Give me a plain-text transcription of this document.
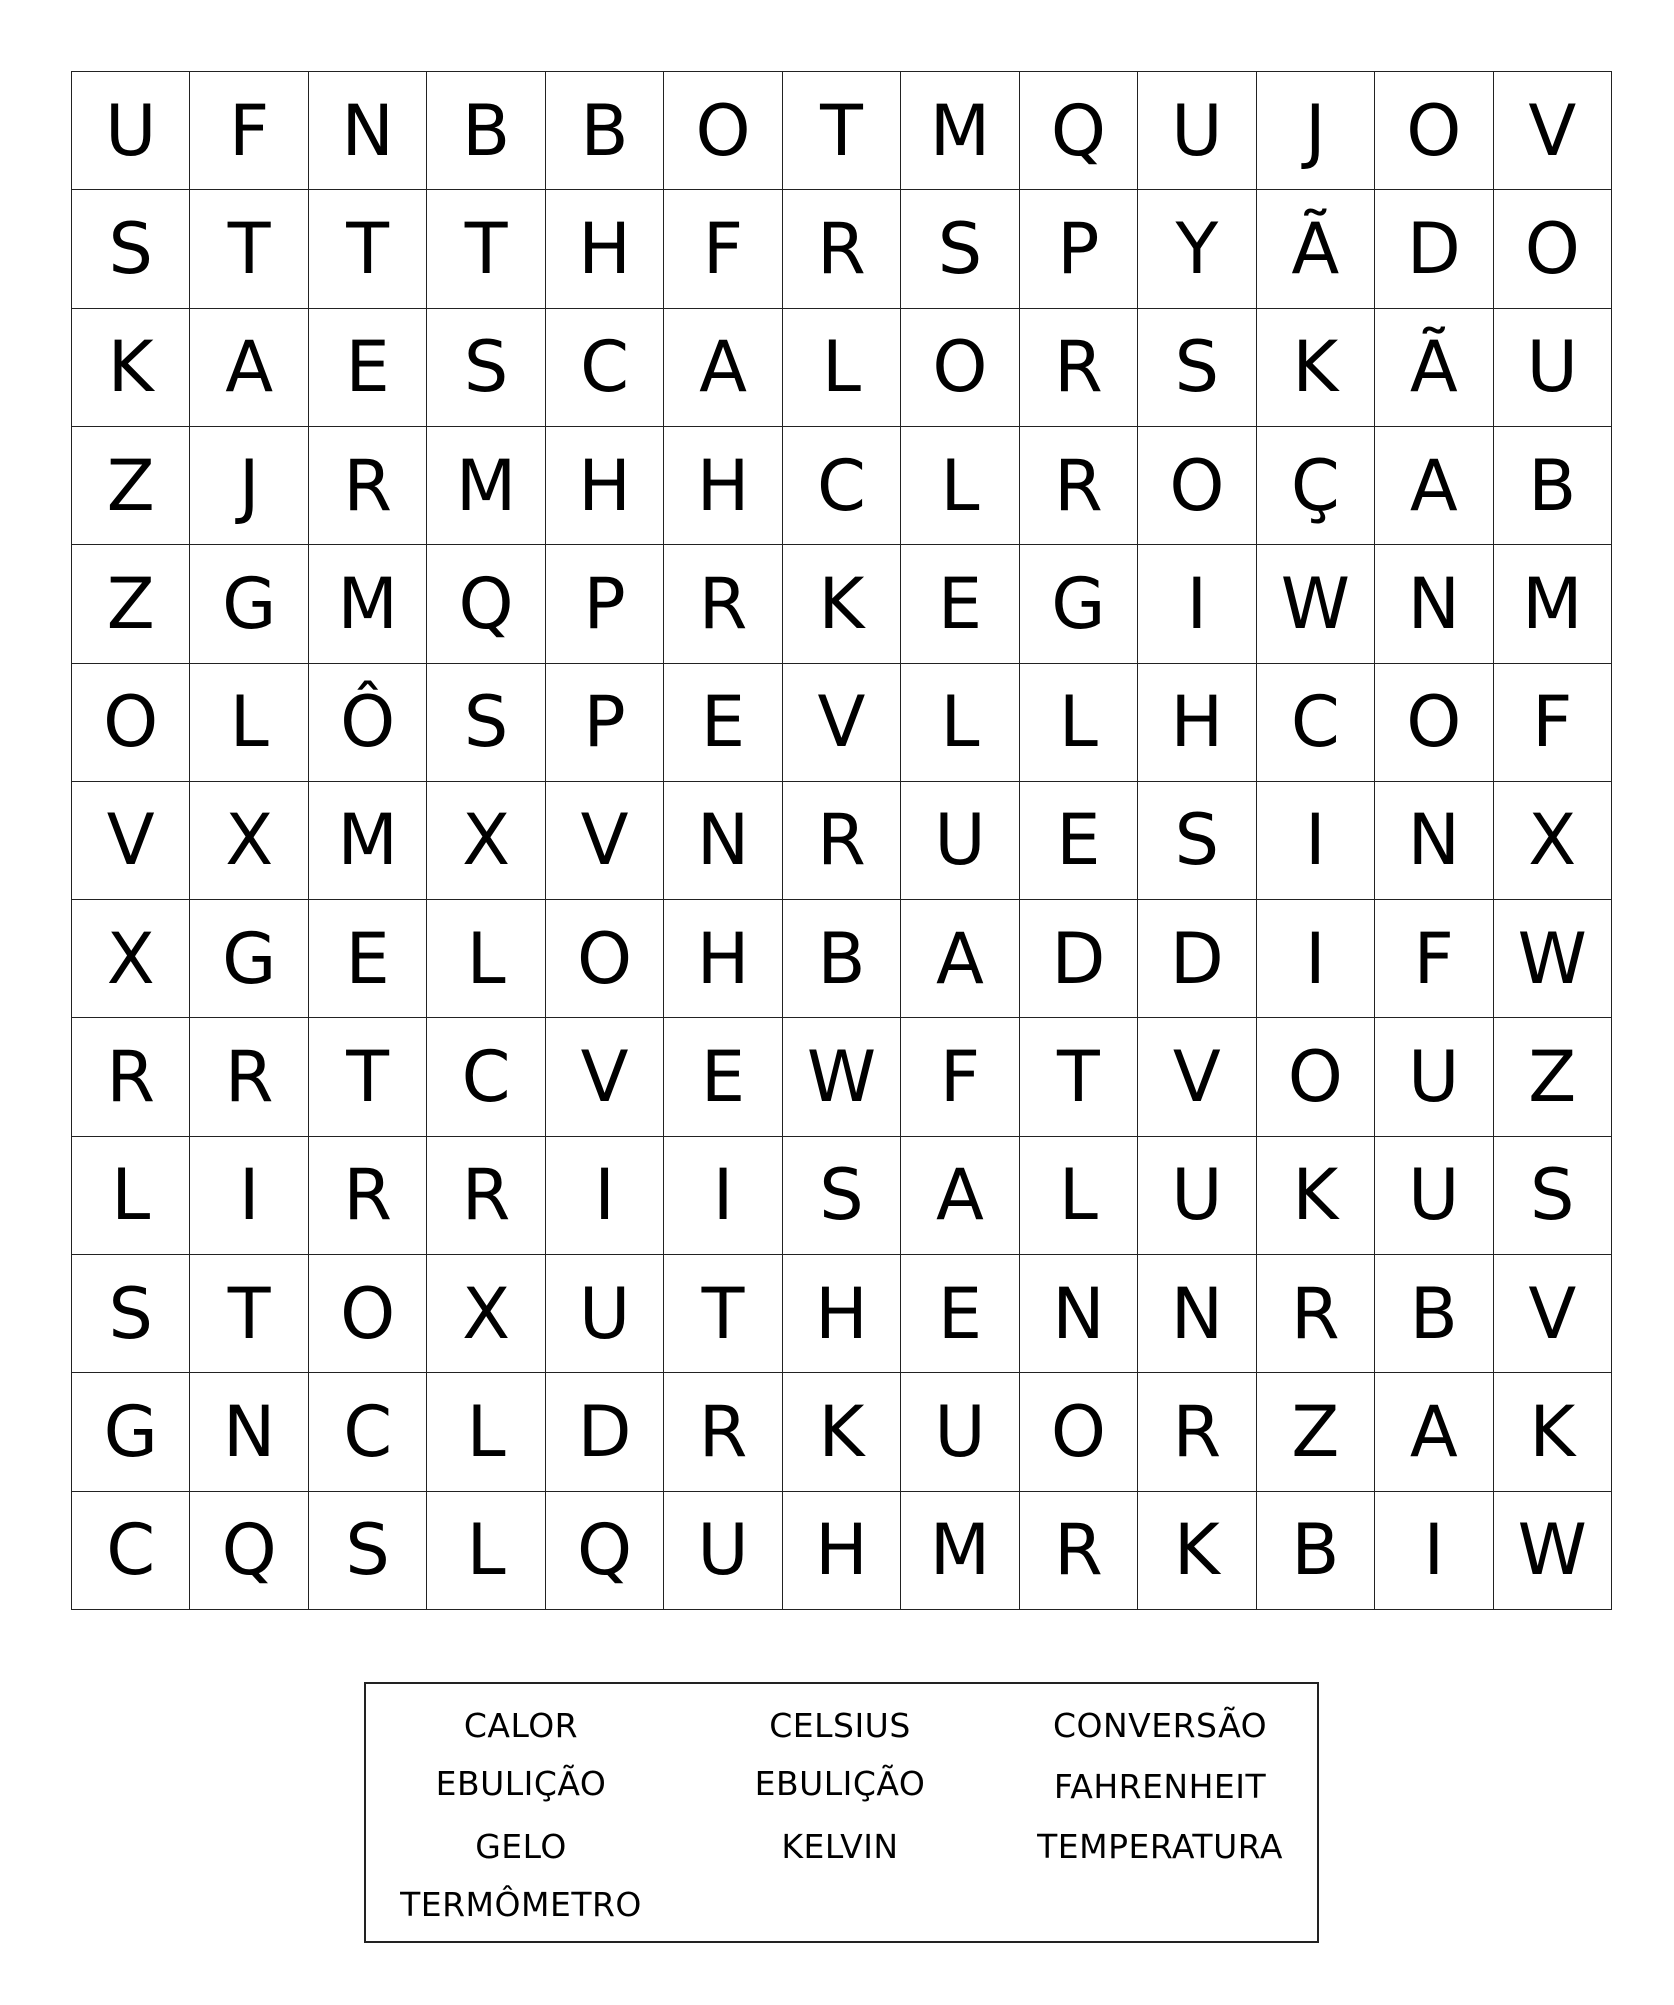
U	F	N B	B O T M Q U	J	O V
S	T	T	T	H	F	R	S	P	Y	Ã D O
K	A	E	S	C	A	L	O R	S	K	Ã U
Z	J	R M H H C	L	R O Ç	A	B
Z G M Q P	R	K	E G	I	W N M
O	L	Ô S	P	E	V	L	L	H C O	F
V	X M X	V N R U	E	S	I	N X
X G E	L	O H B	A D D	I	F W
R R	T	C	V	E W F	T	V O U Z
L	I	R R	I	I	S	A	L	U K U	S
S	T O X U	T	H	E	N N R	B	V
G N C	L	D R	K U O R	Z	A	K
C Q S	L	Q U H M R	K	B	I	W
CALOR	CELSIUS	CONVERSÃO
EBULIÇÃO	EBULIÇÃO	FAHRENHEIT
GELO	KELVIN	TEMPERATURA
TERMÔMETRO
